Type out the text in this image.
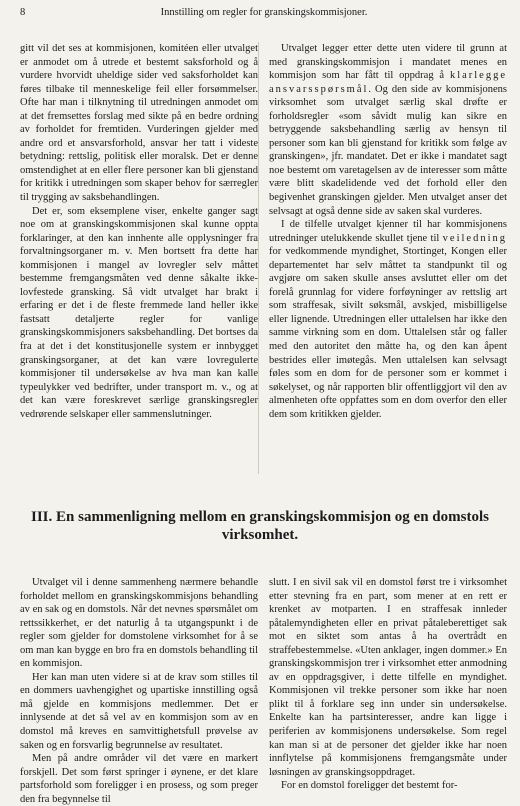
8	Innstilling om regler for granskingskommisjoner.

gitt vil det ses at kommisjonen, komitéen eller utvalget er anmodet om å utrede et bestemt saksforhold og å vurdere hvorvidt uheldige sider ved saksforholdet kan føres tilbake til menneskelige feil eller forsømmelser. Ofte har man i tilknytning til utredningen anmodet om at det fremsettes forslag med sikte på en bedre ordning av forholdet for fremtiden. Vurderingen gjelder med andre ord et ansvarsforhold, ansvar her tatt i videste betydning: rettslig, politisk eller moralsk. Det er denne omstendighet at en eller flere personer kan bli gjenstand for kritikk i utredningen som skaper behov for særregler til trygging av saksbehandlingen.

Det er, som eksemplene viser, enkelte ganger sagt noe om at granskingskommisjonen skal kunne oppta forklaringer, at den kan innhente alle opplysninger fra forvaltningsorganer m. v. Men bortsett fra dette har kommisjonen i mangel av lovregler selv måttet bestemme fremgangsmåten ved denne såkalte ikke-lovfestede gransking. Så vidt utvalget har brakt i erfaring er det i de fleste fremmede land heller ikke fastsatt detaljerte regler for vanlige granskingskommisjoners saksbehandling. Det bortses da fra at det i det konstitusjonelle system er innbygget granskingsorganer, at det kan være lovregulerte kommisjoner til undersøkelse av hva man kan kalle typeulykker ved bedrifter, under transport m. v., og at det kan være foreskrevet særlige granskingsregler vedrørende selskaper eller sammenslutninger.

Utvalget legger etter dette uten videre til grunn at med granskingskommisjon i mandatet menes en kommisjon som har fått til oppdrag å klarlegge ansvarsspørsmål. Og den side av kommisjonens virksomhet som utvalget særlig skal drøfte er forholdsregler «som såvidt mulig kan sikre en betryggende saksbehandling særlig av hensyn til personer som kan bli gjenstand for kritikk som følge av granskingen», jfr. mandatet. Det er ikke i mandatet sagt noe bestemt om varetagelsen av de interesser som måtte være blitt skadelidende ved det forhold eller den begivenhet granskingen gjelder. Men utvalget anser det selvsagt at også denne side av saken skal vurderes.

I de tilfelle utvalget kjenner til har kommisjonens utredninger utelukkende skullet tjene til veiledning for vedkommende myndighet, Stortinget, Kongen eller departementet har selv måttet ta standpunkt til og avgjøre om saken skulle anses avsluttet eller om det forelå grunnlag for videre forføyninger av rettslig art som straffesak, sivilt søksmål, avskjed, misbilligelse eller lignende. Utredningen eller uttalelsen har ikke den samme virkning som en dom. Uttalelsen står og faller med den autoritet den måtte ha, og den kan åpent bestrides eller imøtegås. Men uttalelsen kan selvsagt føles som en dom for de personer som er kommet i søkelyset, og når rapporten blir offentliggjort vil den av almenheten ofte oppfattes som en dom overfor den eller dem som kritikken gjelder.

III. En sammenligning mellom en granskingskommisjon og en domstols virksomhet.

Utvalget vil i denne sammenheng nærmere behandle forholdet mellom en granskingskommisjons behandling av en sak og en domstols. Når det nevnes spørsmålet om rettssikkerhet, er det naturlig å ta utgangspunkt i de regler som gjelder for domstolene virksomhet for å se om man kan bygge en bro fra en domstols behandling til en kommisjon.

Her kan man uten videre si at de krav som stilles til en dommers uavhengighet og upartiske innstilling også må gjelde en kommisjons medlemmer. Det er innlysende at det så vel av en kommisjon som av en domstol må kreves en samvittighetsfull prøvelse av saken og en forsvarlig begrunnelse av resultatet.

Men på andre områder vil det være en markert forskjell. Det som først springer i øynene, er det klare partsforhold som foreligger i en prosess, og som preger den fra begynnelse til

slutt. I en sivil sak vil en domstol først tre i virksomhet etter stevning fra en part, som mener at en rett er krenket av motparten. I en straffesak innleder påtalemyndigheten eller en privat påtaleberettiget sak mot en siktet som antas å ha overtrådt en straffebestemmelse. «Uten anklager, ingen dommer.» En granskingskommisjon trer i virksomhet etter anmodning av en oppdragsgiver, i dette tilfelle en myndighet. Kommisjonen vil trekke personer som ikke har noen plikt til å forklare seg inn under sin undersøkelse. Enkelte kan ha partsinteresser, andre kan ligge i periferien av kommisjonens undersøkelse. Som regel kan man si at de personer det gjelder ikke har noen innflytelse på kommisjonens fremgangsmåte under løsningen av granskingsoppdraget.

For en domstol foreligger det bestemt for-
